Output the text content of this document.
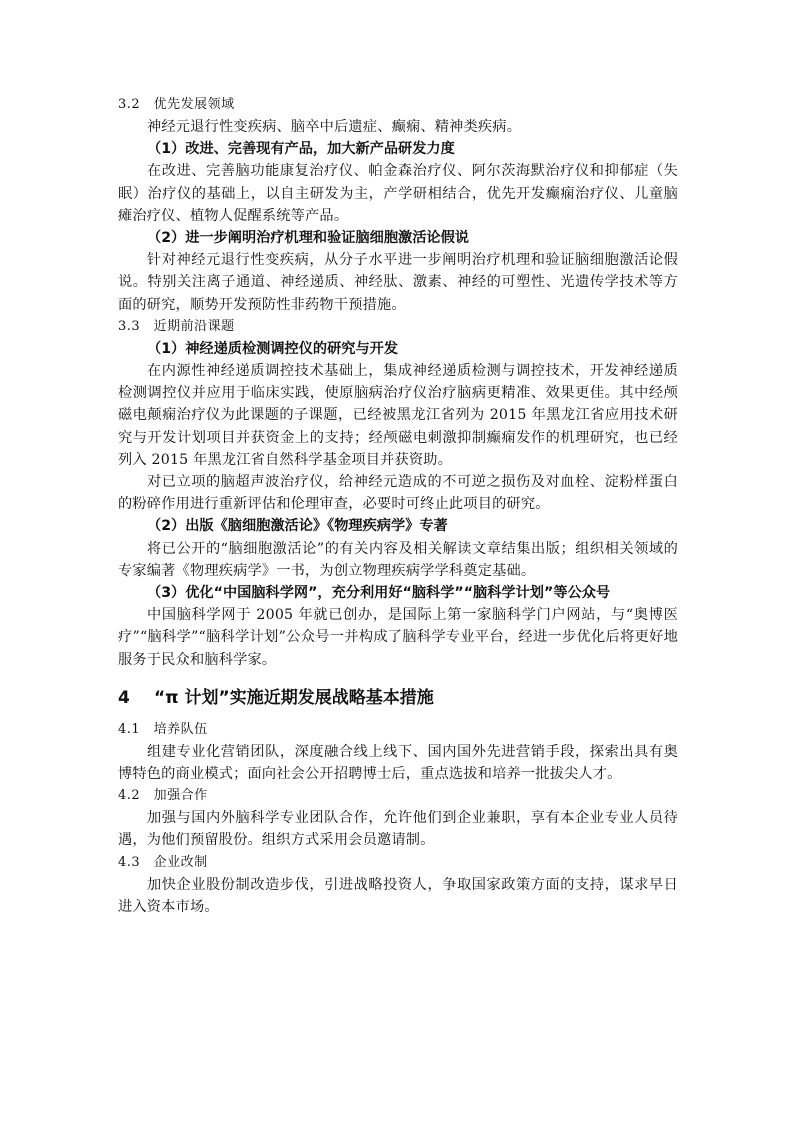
3.2　优先发展领域

神经元退行性变疾病、脑卒中后遗症、癫痫、精神类疾病。

（1）改进、完善现有产品，加大新产品研发力度

在改进、完善脑功能康复治疗仪、帕金森治疗仪、阿尔茨海默治疗仪和抑郁症（失眠）治疗仪的基础上，以自主研发为主，产学研相结合，优先开发癫痫治疗仪、儿童脑瘫治疗仪、植物人促醒系统等产品。

（2）进一步阐明治疗机理和验证脑细胞激活论假说

针对神经元退行性变疾病，从分子水平进一步阐明治疗机理和验证脑细胞激活论假说。特别关注离子通道、神经递质、神经肽、激素、神经的可塑性、光遗传学技术等方面的研究，顺势开发预防性非药物干预措施。

3.3　近期前沿课题

（1）神经递质检测调控仪的研究与开发

在内源性神经递质调控技术基础上，集成神经递质检测与调控技术，开发神经递质检测调控仪并应用于临床实践，使原脑病治疗仪治疗脑病更精准、效果更佳。其中经颅磁电颠痫治疗仪为此课题的子课题，已经被黑龙江省列为 2015 年黑龙江省应用技术研究与开发计划项目并获资金上的支持；经颅磁电刺激抑制癫痫发作的机理研究，也已经列入 2015 年黑龙江省自然科学基金项目并获资助。

对已立项的脑超声波治疗仪，给神经元造成的不可逆之损伤及对血栓、淀粉样蛋白的粉碎作用进行重新评估和伦理审查，必要时可终止此项目的研究。

（2）出版《脑细胞激活论》《物理疾病学》专著

将已公开的“脑细胞激活论”的有关内容及相关解读文章结集出版；组织相关领域的专家编著《物理疾病学》一书，为创立物理疾病学学科奠定基础。

（3）优化“中国脑科学网”，充分利用好“脑科学”“脑科学计划”等公众号

中国脑科学网于 2005 年就已创办，是国际上第一家脑科学门户网站，与“奥博医疗”“脑科学”“脑科学计划”公众号一并构成了脑科学专业平台，经进一步优化后将更好地服务于民众和脑科学家。

4 “π 计划”实施近期发展战略基本措施
4.1　培养队伍

组建专业化营销团队，深度融合线上线下、国内国外先进营销手段，探索出具有奥博特色的商业模式；面向社会公开招聘博士后，重点选拔和培养一批拔尖人才。

4.2　加强合作

加强与国内外脑科学专业团队合作，允许他们到企业兼职，享有本企业专业人员待遇，为他们预留股份。组织方式采用会员邀请制。

4.3　企业改制

加快企业股份制改造步伐，引进战略投资人，争取国家政策方面的支持，谋求早日进入资本市场。
